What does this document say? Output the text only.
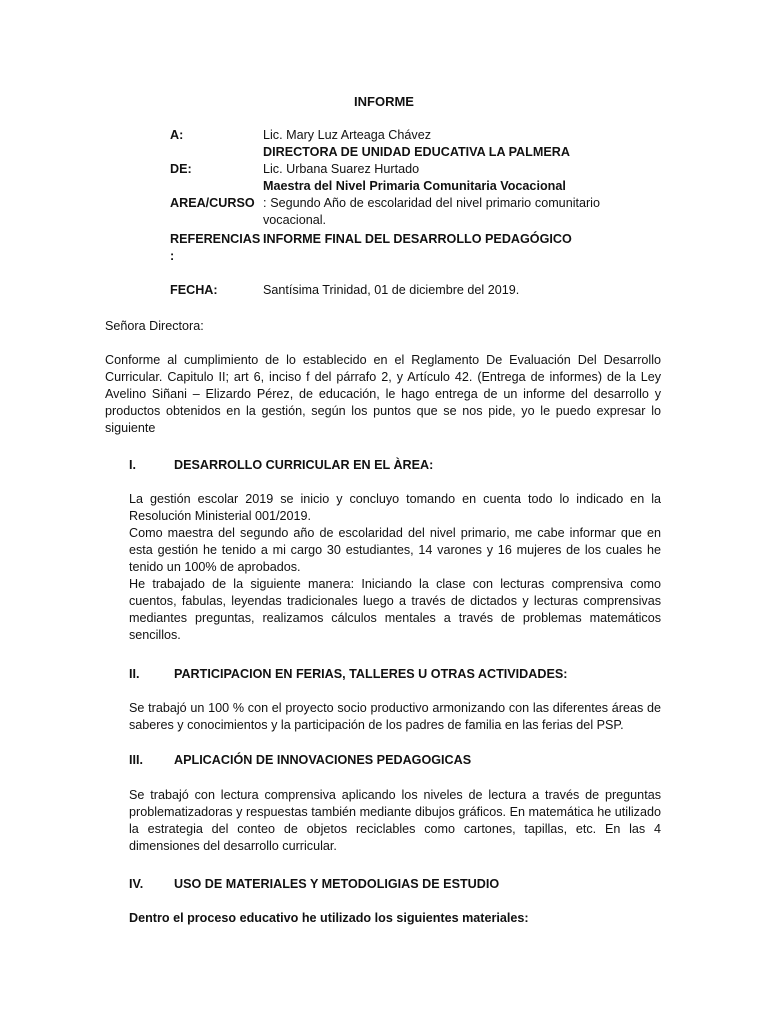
INFORME
A:	Lic. Mary Luz Arteaga Chávez
DIRECTORA DE UNIDAD EDUCATIVA LA PALMERA
DE:	Lic. Urbana Suarez Hurtado
Maestra del Nivel Primaria Comunitaria Vocacional
AREA/CURSO : Segundo Año de escolaridad del nivel primario comunitario vocacional.
REFERENCIAS :
INFORME FINAL DEL DESARROLLO PEDAGÓGICO
FECHA:	Santísima Trinidad, 01 de diciembre del 2019.
Señora Directora:
Conforme al cumplimiento de lo establecido en el Reglamento De Evaluación Del Desarrollo Curricular. Capitulo II; art 6, inciso f del párrafo 2, y Artículo 42. (Entrega de informes) de la Ley Avelino Siñani – Elizardo Pérez, de educación, le hago entrega de un informe del desarrollo y productos obtenidos en la gestión, según los puntos que se nos pide, yo le puedo expresar lo siguiente
I.	DESARROLLO CURRICULAR EN EL ÀREA:

La gestión escolar 2019 se inicio y concluyo tomando en cuenta todo lo indicado en la Resolución Ministerial 001/2019.

Como maestra del segundo año de escolaridad del nivel primario, me cabe informar que en esta gestión he tenido a mi cargo 30 estudiantes, 14 varones y 16 mujeres de los cuales he tenido un 100% de aprobados.

He trabajado de la siguiente manera: Iniciando la clase con lecturas comprensiva como cuentos, fabulas, leyendas tradicionales luego a través de dictados y lecturas comprensivas mediantes preguntas, realizamos cálculos mentales a través de problemas matemáticos sencillos.

II.	PARTICIPACION EN FERIAS, TALLERES U OTRAS ACTIVIDADES:

Se trabajó un 100 % con el proyecto socio productivo armonizando con las diferentes áreas de saberes y conocimientos y la participación de los padres de familia en las ferias del PSP.

III. APLICACIÓN DE INNOVACIONES PEDAGOGICAS

Se trabajó con lectura comprensiva aplicando los niveles de lectura a través de preguntas problematizadoras y respuestas también mediante dibujos gráficos. En matemática he utilizado la estrategia del conteo de objetos reciclables como cartones, tapillas, etc. En las 4 dimensiones del desarrollo curricular.

IV. USO DE MATERIALES Y METODOLIGIAS DE ESTUDIO

Dentro el proceso educativo he utilizado los siguientes materiales:
